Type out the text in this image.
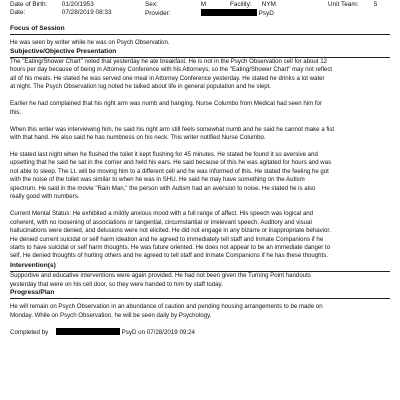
Date of Birth: 01/20/1953
Date:	07/28/2019 08:33
Sex:	M
Provider:	PsyD
Facility: NYM	Unit Team: 5
Focus of Session
He was seen by writer while he was on Psych Observation.
Subjective/Objective Presentation
The "Eating/Shower Chart" noted that yesterday he ate breakfast. He is not in the Psych Observation cell for about 12
hours per day because of being in Attorney Conference with his Attorneys, so the "Eating/Shower Chart" may not reflect
all of his meals. He stated he was served one meal in Attorney Conference yesterday. He stated he drinks a lot water
at night. The Psych Observation log noted he talked about life in general population and he slept.

Earlier he had complained that his right arm was numb and hanging. Nurse Columbo from Medical had seen him for
this.

When this writer was interviewing him, he said his right arm still feels somewhat numb and he said he cannot make a fist
with that hand. He also said he has numbness on his neck. This writer notified Nurse Columbo.

He stated last night when he flushed the toilet it kept flushing for 45 minutes. He stated he found it so aversive and
upsetting that he said he sat in the corner and held his ears. He said because of this he was agitated for hours and was
not able to sleep. The Lt. will be moving him to a different cell and he was informed of this. He stated the feeling he got
with the noise of the toilet was similar to when he was in SHU. He said he may have something on the Autism
spectrum. He said in the movie "Rain Man," the person with Autism had an aversion to noise. He stated he is also
really good with numbers.

Current Mental Status: He exhibited a mildly anxious mood with a full range of affect. His speech was logical and
coherent, with no loosening of associations or tangential, circumstantial or irrelevant speech. Auditory and visual
hallucinations were denied, and delusions were not elicited. He did not engage in any bizarre or inappropriate behavior.
He denied current suicidal or self harm ideation and he agreed to immediately tell staff and Inmate Companions if he
starts to have suicidal or self harm thoughts. He was future oriented. He does not appear to be an immediate danger to
self. He denied thoughts of hurting others and he agreed to tell staff and Inmate Companions if he has these thoughts.
Intervention(s)
Supportive and educative interventions were again provided. He had not been given the Turning Point handouts
yesterday that were on his cell door, so they were handed to him by staff today.
Progress/Plan
He will remain on Psych Observation in an abundance of caution and pending housing arrangements to be made on
Monday. While on Psych Observation, he will be seen daily by Psychology.
Completed by	PsyD on 07/28/2019 09:24
